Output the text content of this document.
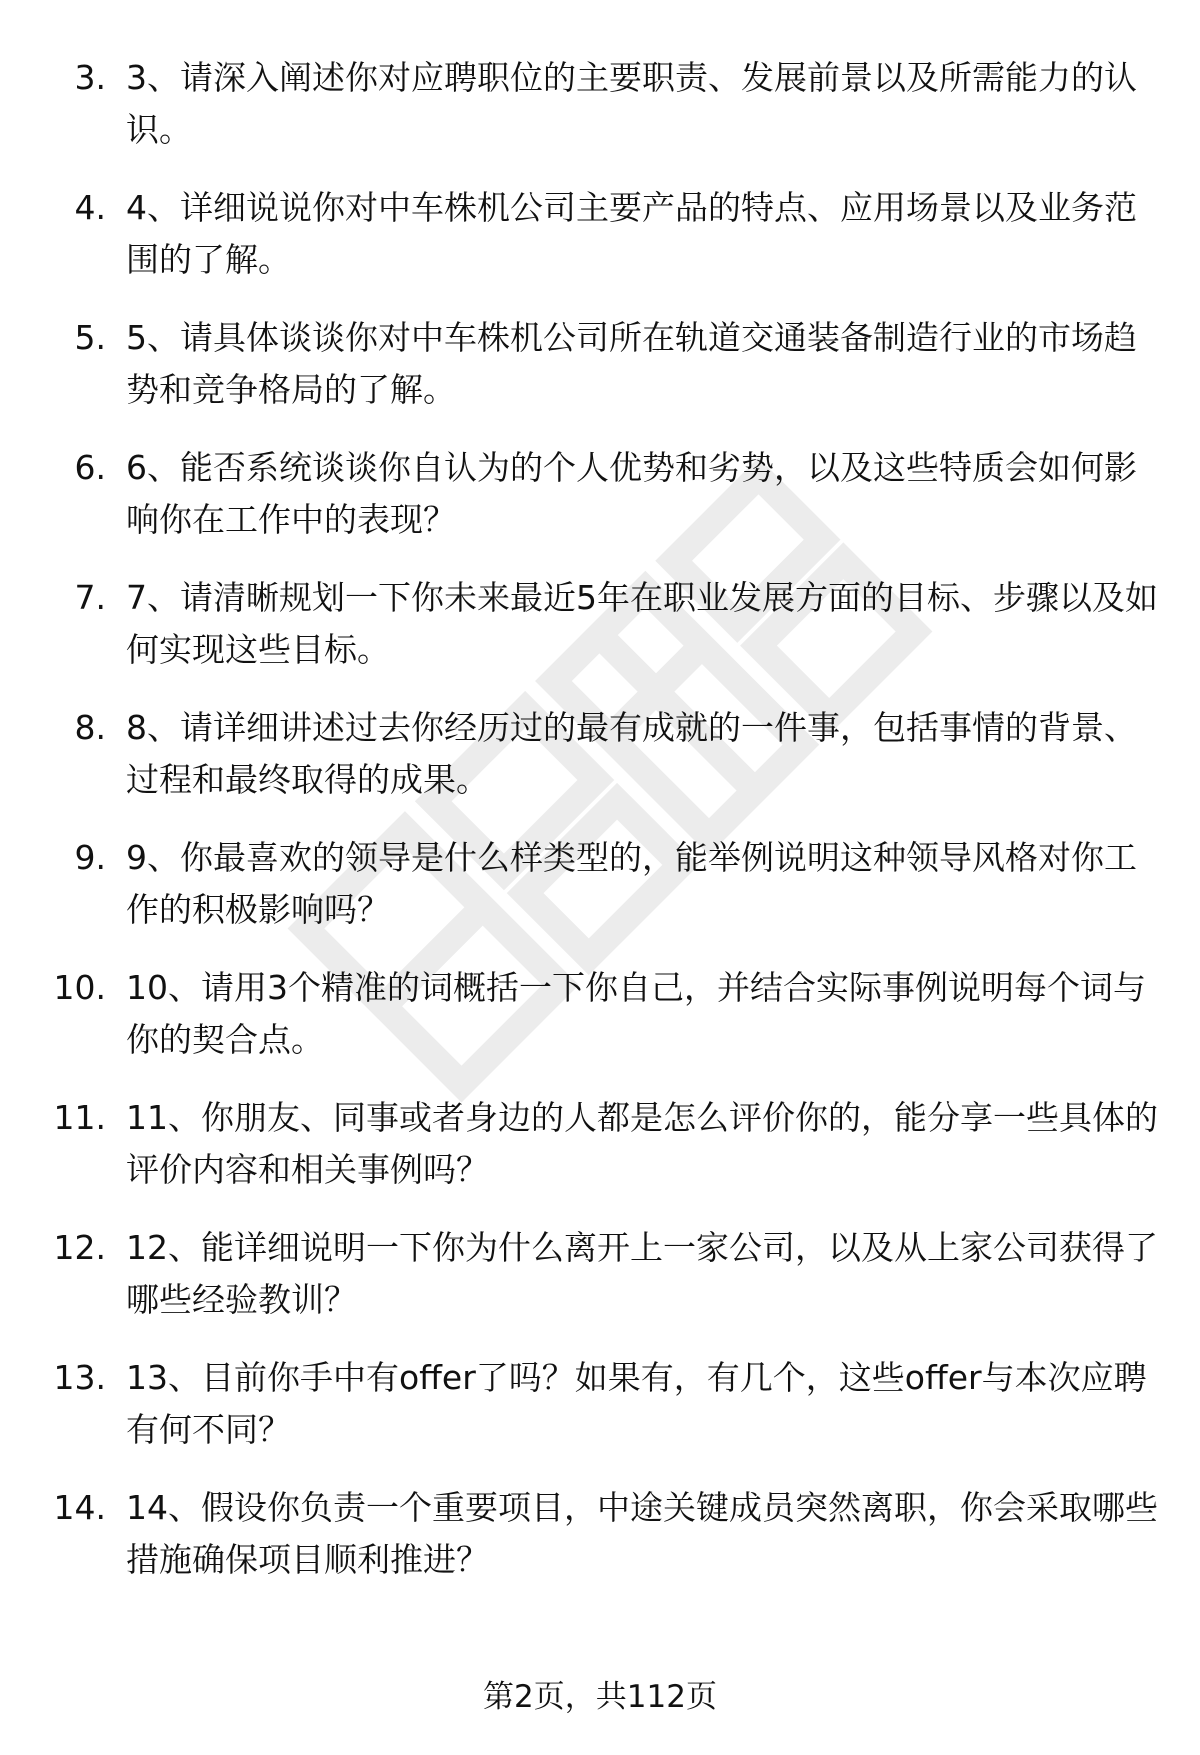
3. 3、请深入阐述你对应聘职位的主要职责、发展前景以及所需能力的认识。

4. 4、详细说说你对中车株机公司主要产品的特点、应用场景以及业务范围的了解。

5. 5、请具体谈谈你对中车株机公司所在轨道交通装备制造行业的市场趋势和竞争格局的了解。

6. 6、能否系统谈谈你自认为的个人优势和劣势，以及这些特质会如何影响你在工作中的表现？

7. 7、请清晰规划一下你未来最近5年在职业发展方面的目标、步骤以及如何实现这些目标。

8. 8、请详细讲述过去你经历过的最有成就的一件事，包括事情的背景、过程和最终取得的成果。

9. 9、你最喜欢的领导是什么样类型的，能举例说明这种领导风格对你工作的积极影响吗？

10. 10、请用3个精准的词概括一下你自己，并结合实际事例说明每个词与你的契合点。

11. 11、你朋友、同事或者身边的人都是怎么评价你的，能分享一些具体的评价内容和相关事例吗？

12. 12、能详细说明一下你为什么离开上一家公司，以及从上家公司获得了哪些经验教训？

13. 13、目前你手中有offer了吗？如果有，有几个，这些offer与本次应聘有何不同？

14. 14、假设你负责一个重要项目，中途关键成员突然离职，你会采取哪些措施确保项目顺利推进？

第2页，共112页
